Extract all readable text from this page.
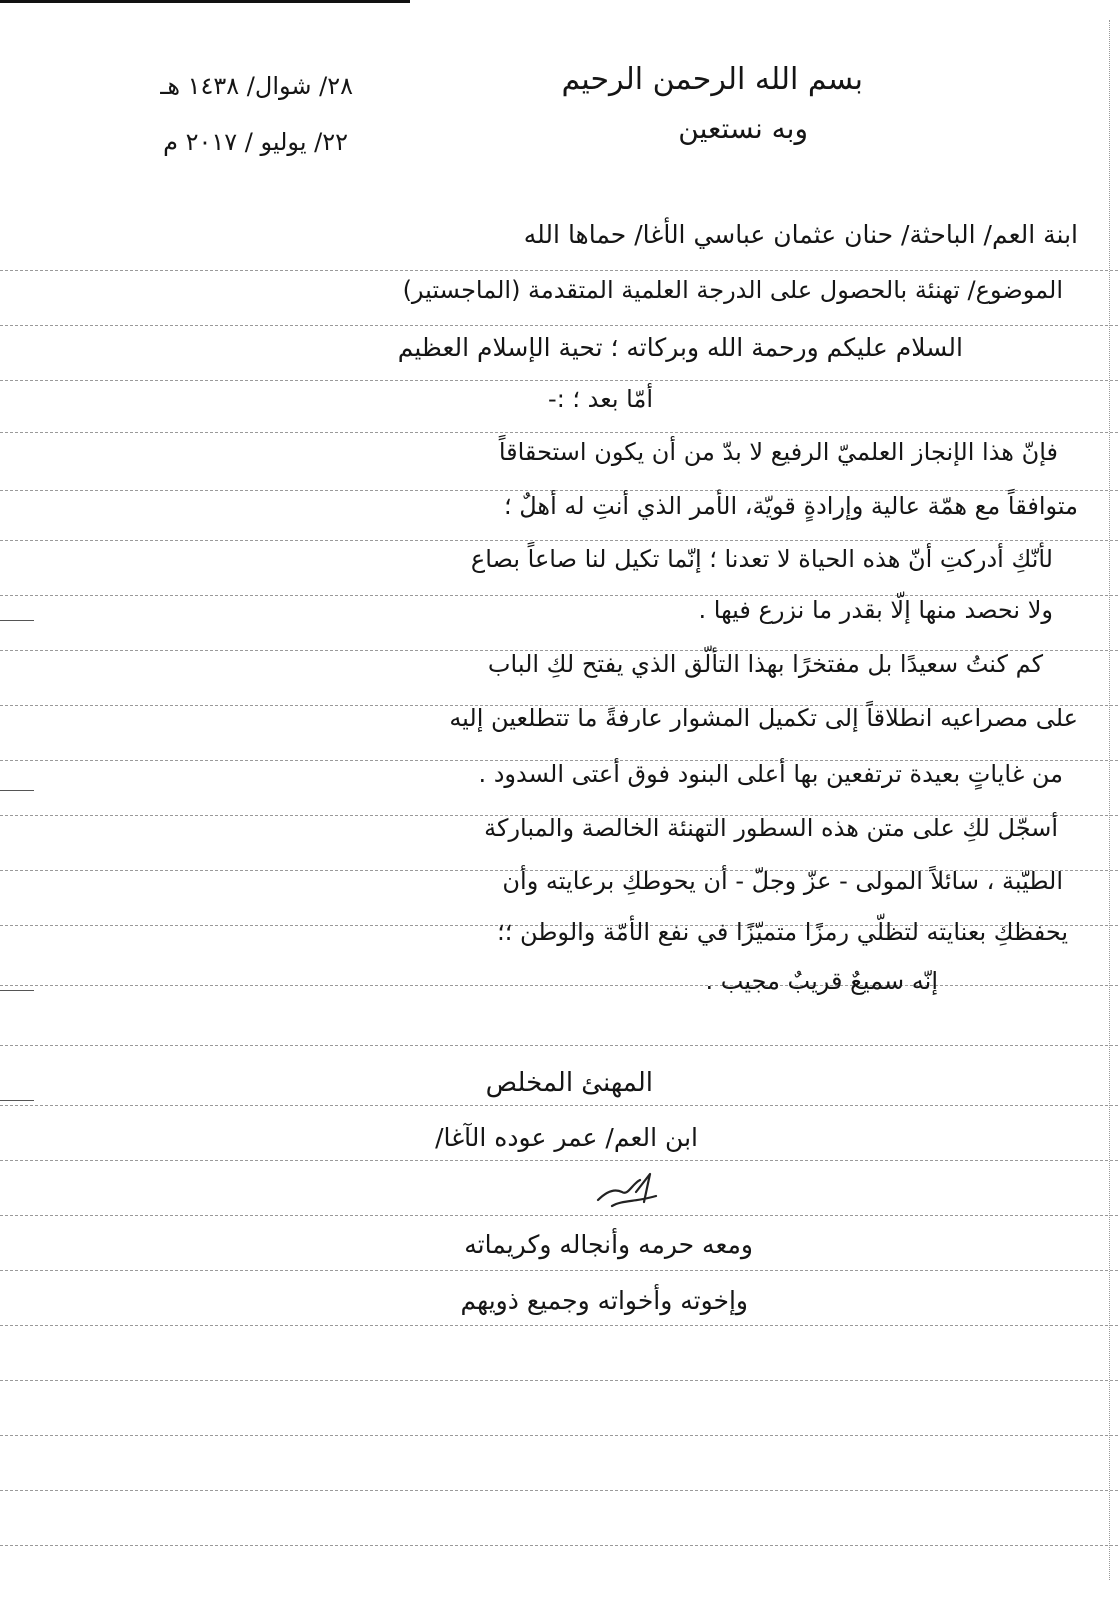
بسم الله الرحمن الرحيم
وبه نستعين
٢٨/ شوال/ ١٤٣٨ هـ
٢٢/ يوليو / ٢٠١٧ م
ابنة العم/ الباحثة/ حنان عثمان عباسي الأغا/ حماها الله
الموضوع/ تهنئة بالحصول على الدرجة العلمية المتقدمة (الماجستير)
السلام عليكم ورحمة الله وبركاته ؛ تحية الإسلام العظيم
أمّا بعد ؛ :-
فإنّ هذا الإنجاز العلميّ الرفيع لا بدّ من أن يكون استحقاقاً
متوافقاً مع همّة عالية وإرادةٍ قويّة، الأمر الذي أنتِ له أهلٌ ؛
لأنّكِ أدركتِ أنّ هذه الحياة لا تعدنا ؛ إنّما تكيل لنا صاعاً بصاع
ولا نحصد منها إلّا بقدر ما نزرع فيها .
كم كنتُ سعيدًا بل مفتخرًا بهذا التألّق الذي يفتح لكِ الباب
على مصراعيه انطلاقاً إلى تكميل المشوار عارفةً ما تتطلعين إليه
من غاياتٍ بعيدة ترتفعين بها أعلى البنود فوق أعتى السدود .
أسجّل لكِ على متن هذه السطور التهنئة الخالصة والمباركة
الطيّبة ، سائلاً المولى - عزّ وجلّ - أن يحوطكِ برعايته وأن
يحفظكِ بعنايته لتظلّي رمزًا متميّزًا في نفع الأمّة والوطن ؛؛
إنّه سميعٌ قريبٌ مجيب .
المهنئ المخلص
ابن العم/ عمر عوده الآغا/
ومعه حرمه وأنجاله وكريماته
وإخوته وأخواته وجميع ذويهم
